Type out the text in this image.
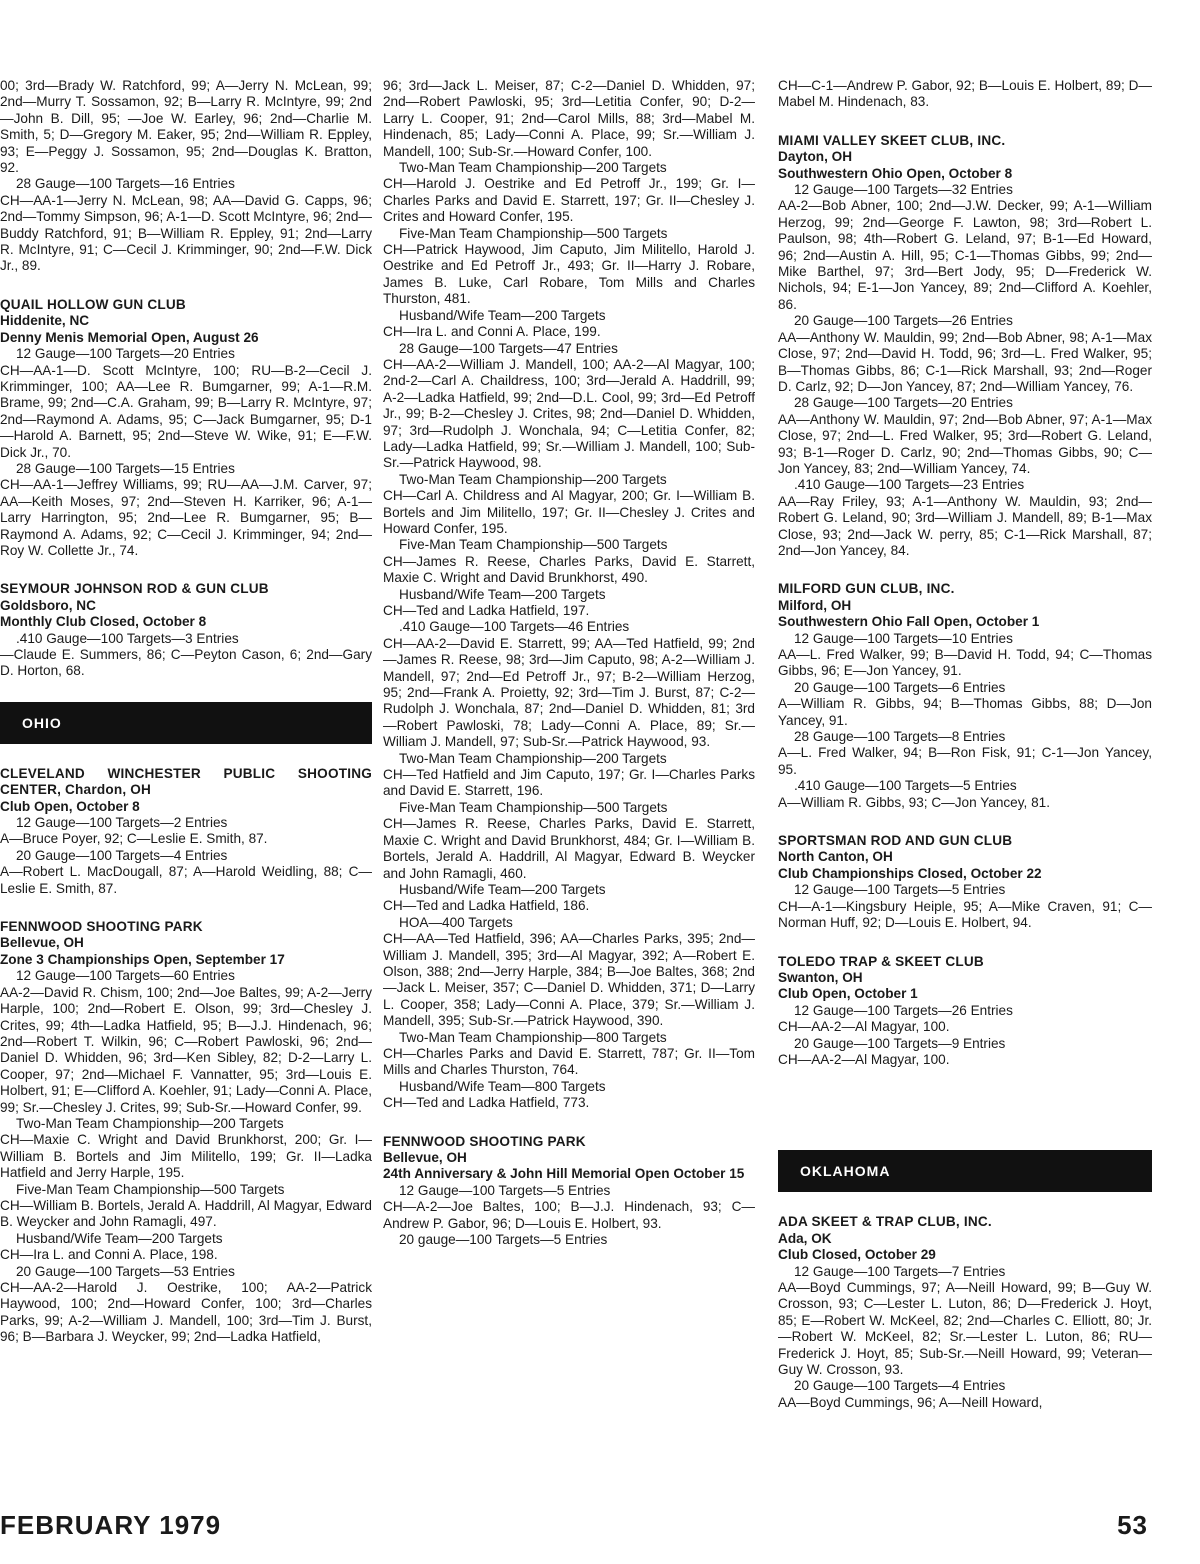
00; 3rd—Brady W. Ratchford, 99; A—Jerry N. McLean, 99; 2nd—Murry T. Sossamon, 92; B—Larry R. McIntyre, 99; 2nd—John B. Dill, 95; —Joe W. Earley, 96; 2nd—Charlie M. Smith, 5; D—Gregory M. Eaker, 95; 2nd—William R. Eppley, 93; E—Peggy J. Sossamon, 95; 2nd—Douglas K. Bratton, 92.

28 Gauge—100 Targets—16 Entries

CH—AA-1—Jerry N. McLean, 98; AA—David G. Capps, 96; 2nd—Tommy Simpson, 96; A-1—D. Scott McIntyre, 96; 2nd—Buddy Ratchford, 91; B—William R. Eppley, 91; 2nd—Larry R. McIntyre, 91; C—Cecil J. Krimminger, 90; 2nd—F.W. Dick Jr., 89.

QUAIL HOLLOW GUN CLUB

Hiddenite, NC

Denny Menis Memorial Open, August 26

12 Gauge—100 Targets—20 Entries

CH—AA-1—D. Scott McIntyre, 100; RU—B-2—Cecil J. Krimminger, 100; AA—Lee R. Bumgarner, 99; A-1—R.M. Brame, 99; 2nd—C.A. Graham, 99; B—Larry R. McIntyre, 97; 2nd—Raymond A. Adams, 95; C—Jack Bumgarner, 95; D-1—Harold A. Barnett, 95; 2nd—Steve W. Wike, 91; E—F.W. Dick Jr., 70.

28 Gauge—100 Targets—15 Entries

CH—AA-1—Jeffrey Williams, 99; RU—AA—J.M. Carver, 97; AA—Keith Moses, 97; 2nd—Steven H. Karriker, 96; A-1—Larry Harrington, 95; 2nd—Lee R. Bumgarner, 95; B—Raymond A. Adams, 92; C—Cecil J. Krimminger, 94; 2nd—Roy W. Collette Jr., 74.

SEYMOUR JOHNSON ROD & GUN CLUB

Goldsboro, NC

Monthly Club Closed, October 8

.410 Gauge—100 Targets—3 Entries

—Claude E. Summers, 86; C—Peyton Cason, 6; 2nd—Gary D. Horton, 68.

OHIO

CLEVELAND WINCHESTER PUBLIC SHOOTING CENTER, Chardon, OH

Club Open, October 8

12 Gauge—100 Targets—2 Entries

A—Bruce Poyer, 92; C—Leslie E. Smith, 87.

20 Gauge—100 Targets—4 Entries

A—Robert L. MacDougall, 87; A—Harold Weidling, 88; C—Leslie E. Smith, 87.

FENNWOOD SHOOTING PARK

Bellevue, OH

Zone 3 Championships Open, September 17

12 Gauge—100 Targets—60 Entries

AA-2—David R. Chism, 100; 2nd—Joe Baltes, 99; A-2—Jerry Harple, 100; 2nd—Robert E. Olson, 99; 3rd—Chesley J. Crites, 99; 4th—Ladka Hatfield, 95; B—J.J. Hindenach, 96; 2nd—Robert T. Wilkin, 96; C—Robert Pawloski, 96; 2nd—Daniel D. Whidden, 96; 3rd—Ken Sibley, 82; D-2—Larry L. Cooper, 97; 2nd—Michael F. Vannatter, 95; 3rd—Louis E. Holbert, 91; E—Clifford A. Koehler, 91; Lady—Conni A. Place, 99; Sr.—Chesley J. Crites, 99; Sub-Sr.—Howard Confer, 99.

Two-Man Team Championship—200 Targets

CH—Maxie C. Wright and David Brunkhorst, 200; Gr. I—William B. Bortels and Jim Militello, 199; Gr. II—Ladka Hatfield and Jerry Harple, 195.

Five-Man Team Championship—500 Targets

CH—William B. Bortels, Jerald A. Haddrill, Al Magyar, Edward B. Weycker and John Ramagli, 497.

Husband/Wife Team—200 Targets

CH—Ira L. and Conni A. Place, 198.

20 Gauge—100 Targets—53 Entries

CH—AA-2—Harold J. Oestrike, 100; AA-2—Patrick Haywood, 100; 2nd—Howard Confer, 100; 3rd—Charles Parks, 99; A-2—William J. Mandell, 100; 3rd—Tim J. Burst, 96; B—Barbara J. Weycker, 99; 2nd—Ladka Hatfield,

96; 3rd—Jack L. Meiser, 87; C-2—Daniel D. Whidden, 97; 2nd—Robert Pawloski, 95; 3rd—Letitia Confer, 90; D-2—Larry L. Cooper, 91; 2nd—Carol Mills, 88; 3rd—Mabel M. Hindenach, 85; Lady—Conni A. Place, 99; Sr.—William J. Mandell, 100; Sub-Sr.—Howard Confer, 100.

Two-Man Team Championship—200 Targets

CH—Harold J. Oestrike and Ed Petroff Jr., 199; Gr. I—Charles Parks and David E. Starrett, 197; Gr. II—Chesley J. Crites and Howard Confer, 195.

Five-Man Team Championship—500 Targets

CH—Patrick Haywood, Jim Caputo, Jim Militello, Harold J. Oestrike and Ed Petroff Jr., 493; Gr. II—Harry J. Robare, James B. Luke, Carl Robare, Tom Mills and Charles Thurston, 481.

Husband/Wife Team—200 Targets

CH—Ira L. and Conni A. Place, 199.

28 Gauge—100 Targets—47 Entries

CH—AA-2—William J. Mandell, 100; AA-2—Al Magyar, 100; 2nd-2—Carl A. Chaildress, 100; 3rd—Jerald A. Haddrill, 99; A-2—Ladka Hatfield, 99; 2nd—D.L. Cool, 99; 3rd—Ed Petroff Jr., 99; B-2—Chesley J. Crites, 98; 2nd—Daniel D. Whidden, 97; 3rd—Rudolph J. Wonchala, 94; C—Letitia Confer, 82; Lady—Ladka Hatfield, 99; Sr.—William J. Mandell, 100; Sub-Sr.—Patrick Haywood, 98.

Two-Man Team Championship—200 Targets

CH—Carl A. Childress and Al Magyar, 200; Gr. I—William B. Bortels and Jim Militello, 197; Gr. II—Chesley J. Crites and Howard Confer, 195.

Five-Man Team Championship—500 Targets

CH—James R. Reese, Charles Parks, David E. Starrett, Maxie C. Wright and David Brunkhorst, 490.

Husband/Wife Team—200 Targets

CH—Ted and Ladka Hatfield, 197.

.410 Gauge—100 Targets—46 Entries

CH—AA-2—David E. Starrett, 99; AA—Ted Hatfield, 99; 2nd—James R. Reese, 98; 3rd—Jim Caputo, 98; A-2—William J. Mandell, 97; 2nd—Ed Petroff Jr., 97; B-2—William Herzog, 95; 2nd—Frank A. Proietty, 92; 3rd—Tim J. Burst, 87; C-2—Rudolph J. Wonchala, 87; 2nd—Daniel D. Whidden, 81; 3rd—Robert Pawloski, 78; Lady—Conni A. Place, 89; Sr.—William J. Mandell, 97; Sub-Sr.—Patrick Haywood, 93.

Two-Man Team Championship—200 Targets

CH—Ted Hatfield and Jim Caputo, 197; Gr. I—Charles Parks and David E. Starrett, 196.

Five-Man Team Championship—500 Targets

CH—James R. Reese, Charles Parks, David E. Starrett, Maxie C. Wright and David Brunkhorst, 484; Gr. I—William B. Bortels, Jerald A. Haddrill, Al Magyar, Edward B. Weycker and John Ramagli, 460.

Husband/Wife Team—200 Targets

CH—Ted and Ladka Hatfield, 186.

HOA—400 Targets

CH—AA—Ted Hatfield, 396; AA—Charles Parks, 395; 2nd—William J. Mandell, 395; 3rd—Al Magyar, 392; A—Robert E. Olson, 388; 2nd—Jerry Harple, 384; B—Joe Baltes, 368; 2nd—Jack L. Meiser, 357; C—Daniel D. Whidden, 371; D—Larry L. Cooper, 358; Lady—Conni A. Place, 379; Sr.—William J. Mandell, 395; Sub-Sr.—Patrick Haywood, 390.

Two-Man Team Championship—800 Targets

CH—Charles Parks and David E. Starrett, 787; Gr. II—Tom Mills and Charles Thurston, 764.

Husband/Wife Team—800 Targets

CH—Ted and Ladka Hatfield, 773.

FENNWOOD SHOOTING PARK

Bellevue, OH

24th Anniversary & John Hill Memorial Open October 15

12 Gauge—100 Targets—5 Entries

CH—A-2—Joe Baltes, 100; B—J.J. Hindenach, 93; C—Andrew P. Gabor, 96; D—Louis E. Holbert, 93.

20 gauge—100 Targets—5 Entries

CH—C-1—Andrew P. Gabor, 92; B—Louis E. Holbert, 89; D—Mabel M. Hindenach, 83.

MIAMI VALLEY SKEET CLUB, INC.

Dayton, OH

Southwestern Ohio Open, October 8

12 Gauge—100 Targets—32 Entries

AA-2—Bob Abner, 100; 2nd—J.W. Decker, 99; A-1—William Herzog, 99; 2nd—George F. Lawton, 98; 3rd—Robert L. Paulson, 98; 4th—Robert G. Leland, 97; B-1—Ed Howard, 96; 2nd—Austin A. Hill, 95; C-1—Thomas Gibbs, 99; 2nd—Mike Barthel, 97; 3rd—Bert Jody, 95; D—Frederick W. Nichols, 94; E-1—Jon Yancey, 89; 2nd—Clifford A. Koehler, 86.

20 Gauge—100 Targets—26 Entries

AA—Anthony W. Mauldin, 99; 2nd—Bob Abner, 98; A-1—Max Close, 97; 2nd—David H. Todd, 96; 3rd—L. Fred Walker, 95; B—Thomas Gibbs, 86; C-1—Rick Marshall, 93; 2nd—Roger D. Carlz, 92; D—Jon Yancey, 87; 2nd—William Yancey, 76.

28 Gauge—100 Targets—20 Entries

AA—Anthony W. Mauldin, 97; 2nd—Bob Abner, 97; A-1—Max Close, 97; 2nd—L. Fred Walker, 95; 3rd—Robert G. Leland, 93; B-1—Roger D. Carlz, 90; 2nd—Thomas Gibbs, 90; C—Jon Yancey, 83; 2nd—William Yancey, 74.

.410 Gauge—100 Targets—23 Entries

AA—Ray Friley, 93; A-1—Anthony W. Mauldin, 93; 2nd—Robert G. Leland, 90; 3rd—William J. Mandell, 89; B-1—Max Close, 93; 2nd—Jack W. perry, 85; C-1—Rick Marshall, 87; 2nd—Jon Yancey, 84.

MILFORD GUN CLUB, INC.

Milford, OH

Southwestern Ohio Fall Open, October 1

12 Gauge—100 Targets—10 Entries

AA—L. Fred Walker, 99; B—David H. Todd, 94; C—Thomas Gibbs, 96; E—Jon Yancey, 91.

20 Gauge—100 Targets—6 Entries

A—William R. Gibbs, 94; B—Thomas Gibbs, 88; D—Jon Yancey, 91.

28 Gauge—100 Targets—8 Entries

A—L. Fred Walker, 94; B—Ron Fisk, 91; C-1—Jon Yancey, 95.

.410 Gauge—100 Targets—5 Entries

A—William R. Gibbs, 93; C—Jon Yancey, 81.

SPORTSMAN ROD AND GUN CLUB

North Canton, OH

Club Championships Closed, October 22

12 Gauge—100 Targets—5 Entries

CH—A-1—Kingsbury Heiple, 95; A—Mike Craven, 91; C—Norman Huff, 92; D—Louis E. Holbert, 94.

TOLEDO TRAP & SKEET CLUB

Swanton, OH

Club Open, October 1

12 Gauge—100 Targets—26 Entries

CH—AA-2—Al Magyar, 100.

20 Gauge—100 Targets—9 Entries

CH—AA-2—Al Magyar, 100.

OKLAHOMA

ADA SKEET & TRAP CLUB, INC.

Ada, OK

Club Closed, October 29

12 Gauge—100 Targets—7 Entries

AA—Boyd Cummings, 97; A—Neill Howard, 99; B—Guy W. Crosson, 93; C—Lester L. Luton, 86; D—Frederick J. Hoyt, 85; E—Robert W. McKeel, 82; 2nd—Charles C. Elliott, 80; Jr.—Robert W. McKeel, 82; Sr.—Lester L. Luton, 86; RU—Frederick J. Hoyt, 85; Sub-Sr.—Neill Howard, 99; Veteran—Guy W. Crosson, 93.

20 Gauge—100 Targets—4 Entries

AA—Boyd Cummings, 96; A—Neill Howard,

FEBRUARY 1979	53
